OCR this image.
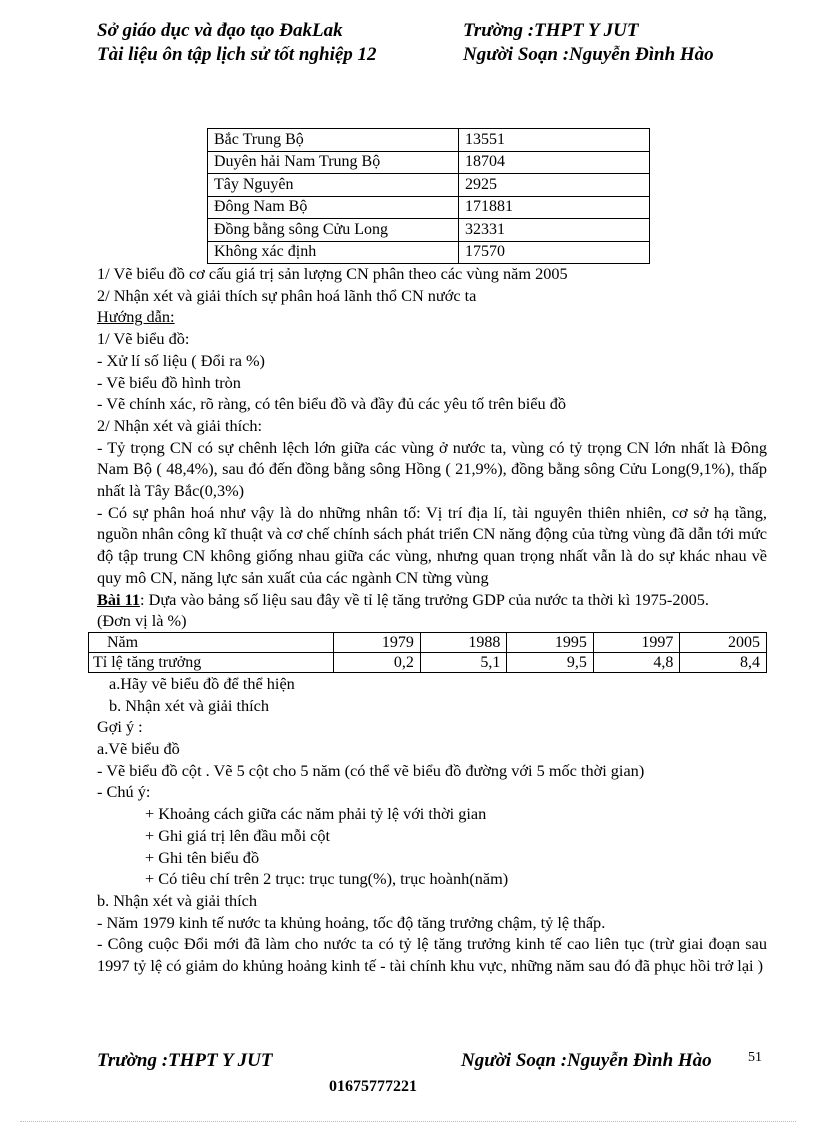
Sở giáo dục và đạo tạo ĐakLak
Tài liệu ôn tập lịch sử tốt nghiệp 12
Trường :THPT Y JUT
Người Soạn :Nguyễn Đình Hào
Bắc Trung Bộ	13551
Duyên hải Nam Trung Bộ	18704
Tây Nguyên	2925
Đông Nam Bộ	171881
Đồng bằng sông Cửu Long	32331
Không xác định	17570
1/ Vẽ biểu đồ cơ cấu giá trị sản lượng CN phân theo các vùng năm 2005
2/ Nhận xét và giải thích sự phân hoá lãnh thổ CN nước ta
Hướng dẫn:
1/ Vẽ biểu đồ:
- Xử lí số liệu ( Đổi ra %)
- Vẽ biểu đồ hình tròn
- Vẽ chính xác, rõ ràng, có tên biểu đồ và đầy đủ các yêu tố trên biểu đồ
2/ Nhận xét và giải thích:
- Tỷ trọng CN có sự chênh lệch lớn giữa các vùng ở nước ta, vùng có tỷ trọng CN lớn nhất là Đông Nam Bộ ( 48,4%), sau đó đến đồng bằng sông Hồng ( 21,9%), đồng bằng sông Cửu Long(9,1%), thấp nhất là Tây Bắc(0,3%)
- Có sự phân hoá như vậy là do những nhân tố: Vị trí địa lí, tài nguyên thiên nhiên, cơ sở hạ tầng, nguồn nhân công kĩ thuật và cơ chế chính sách phát triển CN năng động của từng vùng đã dẫn tới mức độ tập trung CN không giống nhau giữa các vùng, nhưng quan trọng nhất vẫn là do sự khác nhau về quy mô CN, năng lực sản xuất của các ngành CN từng vùng
Bài 11: Dựa vào bảng số liệu sau đây về tỉ lệ tăng trưởng GDP của nước ta thời kì 1975-2005.
(Đơn vị là %)
Năm	1979	1988	1995	1997	2005
Tỉ lệ tăng trưởng	0,2	5,1	9,5	4,8	8,4
a.Hãy vẽ biểu đồ để thể hiện
b. Nhận xét và giải thích
Gợi ý :
a.Vẽ biểu đồ
- Vẽ biểu đồ cột . Vẽ 5 cột cho 5 năm (có thể vẽ biểu đồ đường với 5 mốc thời gian)
- Chú ý:
+ Khoảng cách giữa các năm phải tỷ lệ với thời gian
+ Ghi giá trị lên đầu mỗi cột
+ Ghi tên biểu đồ
+ Có tiêu chí trên 2 trục: trục tung(%), trục hoành(năm)
b. Nhận xét và giải thích
- Năm 1979 kinh tế nước ta khủng hoảng, tốc độ tăng trưởng chậm, tỷ lệ thấp.
- Công cuộc Đổi mới đã làm cho nước ta có tỷ lệ tăng trưởng kinh tế cao liên tục (trừ giai đoạn sau 1997 tỷ lệ có giảm do khủng hoảng kinh tế - tài chính khu vực, những năm sau đó đã phục hồi trở lại )
Trường :THPT Y JUT	Người Soạn :Nguyễn Đình Hào	51
01675777221
